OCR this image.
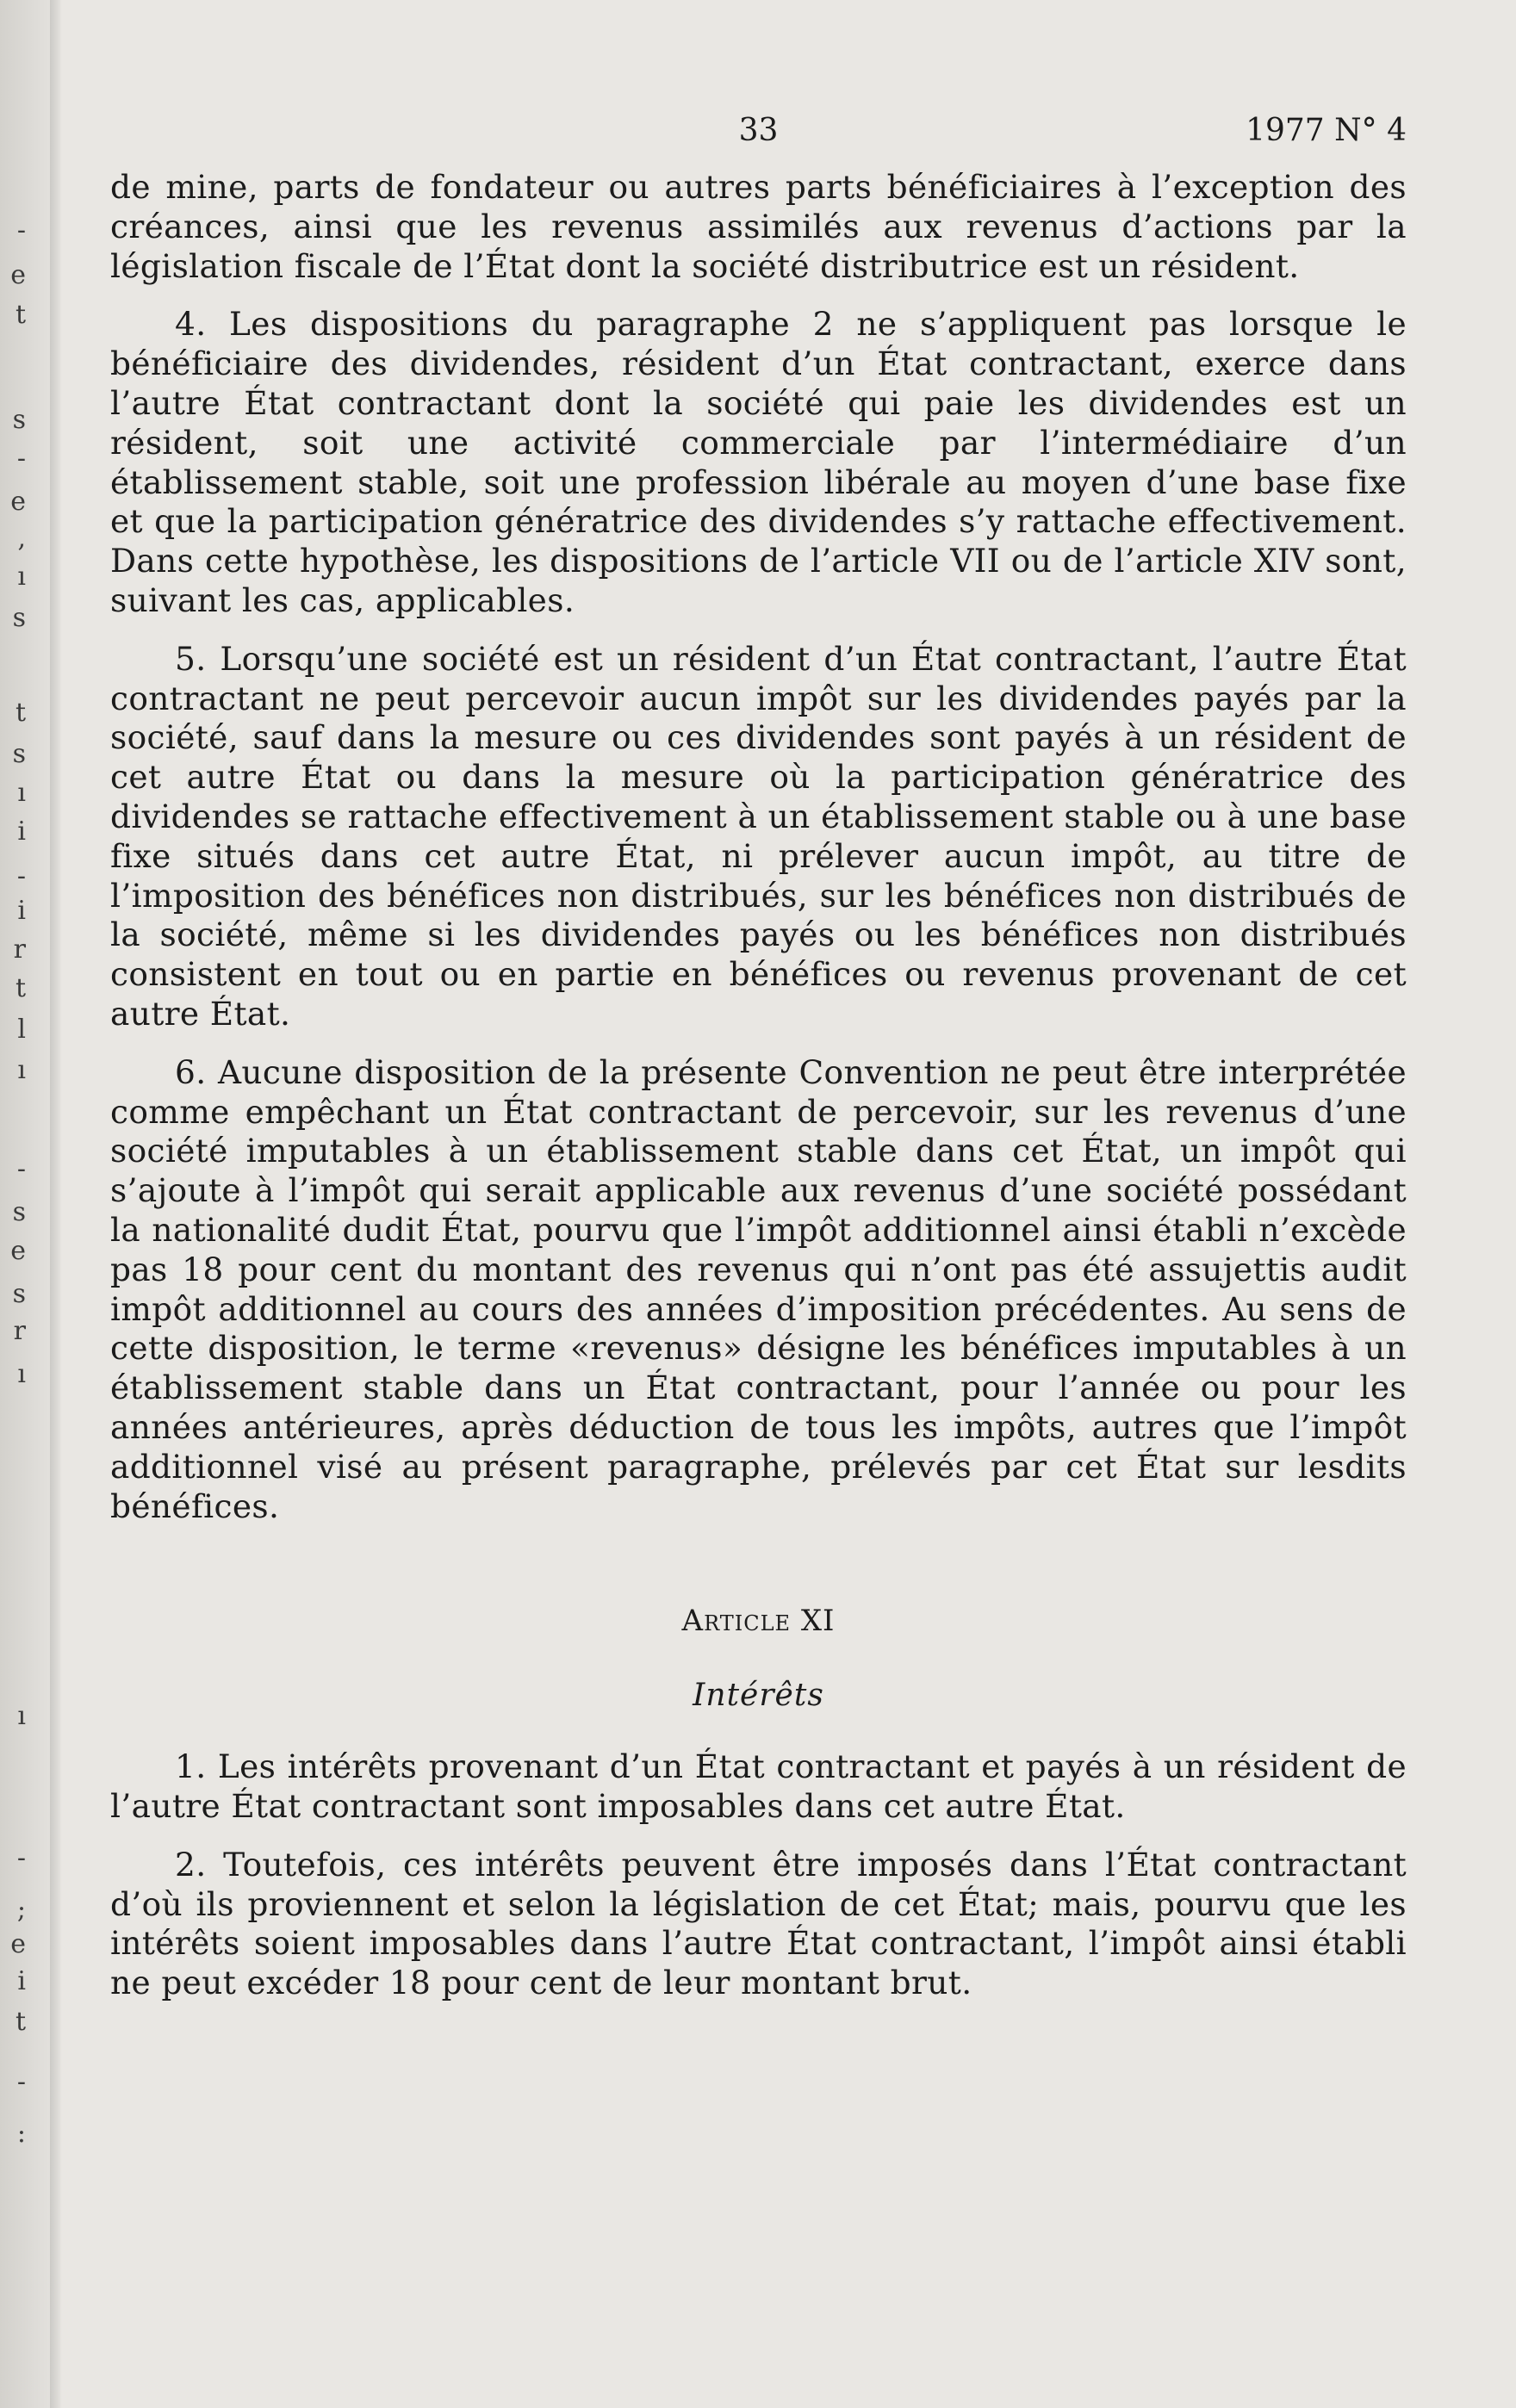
-
e
t
s
-
e
,
ı
s
t
s
ı
i
-
i
r
t
l
ı
-
s
e
s
r
ı
ı
-
;
e
i
t
-
:
33	1977 N° 4

de mine, parts de fondateur ou autres parts bénéficiaires à l’exception des créances, ainsi que les revenus assimilés aux revenus d’actions par la législation fiscale de l’État dont la société distributrice est un résident.

4. Les dispositions du paragraphe 2 ne s’appliquent pas lorsque le bénéficiaire des dividendes, résident d’un État contractant, exerce dans l’autre État contractant dont la société qui paie les dividendes est un résident, soit une activité commerciale par l’intermédiaire d’un établissement stable, soit une profession libérale au moyen d’une base fixe et que la participation génératrice des dividendes s’y rattache effectivement. Dans cette hypothèse, les dispositions de l’article VII ou de l’article XIV sont, suivant les cas, applicables.

5. Lorsqu’une société est un résident d’un État contractant, l’autre État contractant ne peut percevoir aucun impôt sur les dividendes payés par la société, sauf dans la mesure ou ces dividendes sont payés à un résident de cet autre État ou dans la mesure où la participation génératrice des dividendes se rattache effectivement à un établissement stable ou à une base fixe situés dans cet autre État, ni prélever aucun impôt, au titre de l’imposition des bénéfices non distribués, sur les bénéfices non distribués de la société, même si les dividendes payés ou les bénéfices non distribués consistent en tout ou en partie en bénéfices ou revenus provenant de cet autre État.

6. Aucune disposition de la présente Convention ne peut être interprétée comme empêchant un État contractant de percevoir, sur les revenus d’une société imputables à un établissement stable dans cet État, un impôt qui s’ajoute à l’impôt qui serait applicable aux revenus d’une société possédant la nationalité dudit État, pourvu que l’impôt additionnel ainsi établi n’excède pas 18 pour cent du montant des revenus qui n’ont pas été assujettis audit impôt additionnel au cours des années d’imposition précédentes. Au sens de cette disposition, le terme «revenus» désigne les bénéfices imputables à un établissement stable dans un État contractant, pour l’année ou pour les années antérieures, après déduction de tous les impôts, autres que l’impôt additionnel visé au présent paragraphe, prélevés par cet État sur lesdits bénéfices.

Article XI
Intérêts

1. Les intérêts provenant d’un État contractant et payés à un résident de l’autre État contractant sont imposables dans cet autre État.

2. Toutefois, ces intérêts peuvent être imposés dans l’État contractant d’où ils proviennent et selon la législation de cet État; mais, pourvu que les intérêts soient imposables dans l’autre État contractant, l’impôt ainsi établi ne peut excéder 18 pour cent de leur montant brut.
